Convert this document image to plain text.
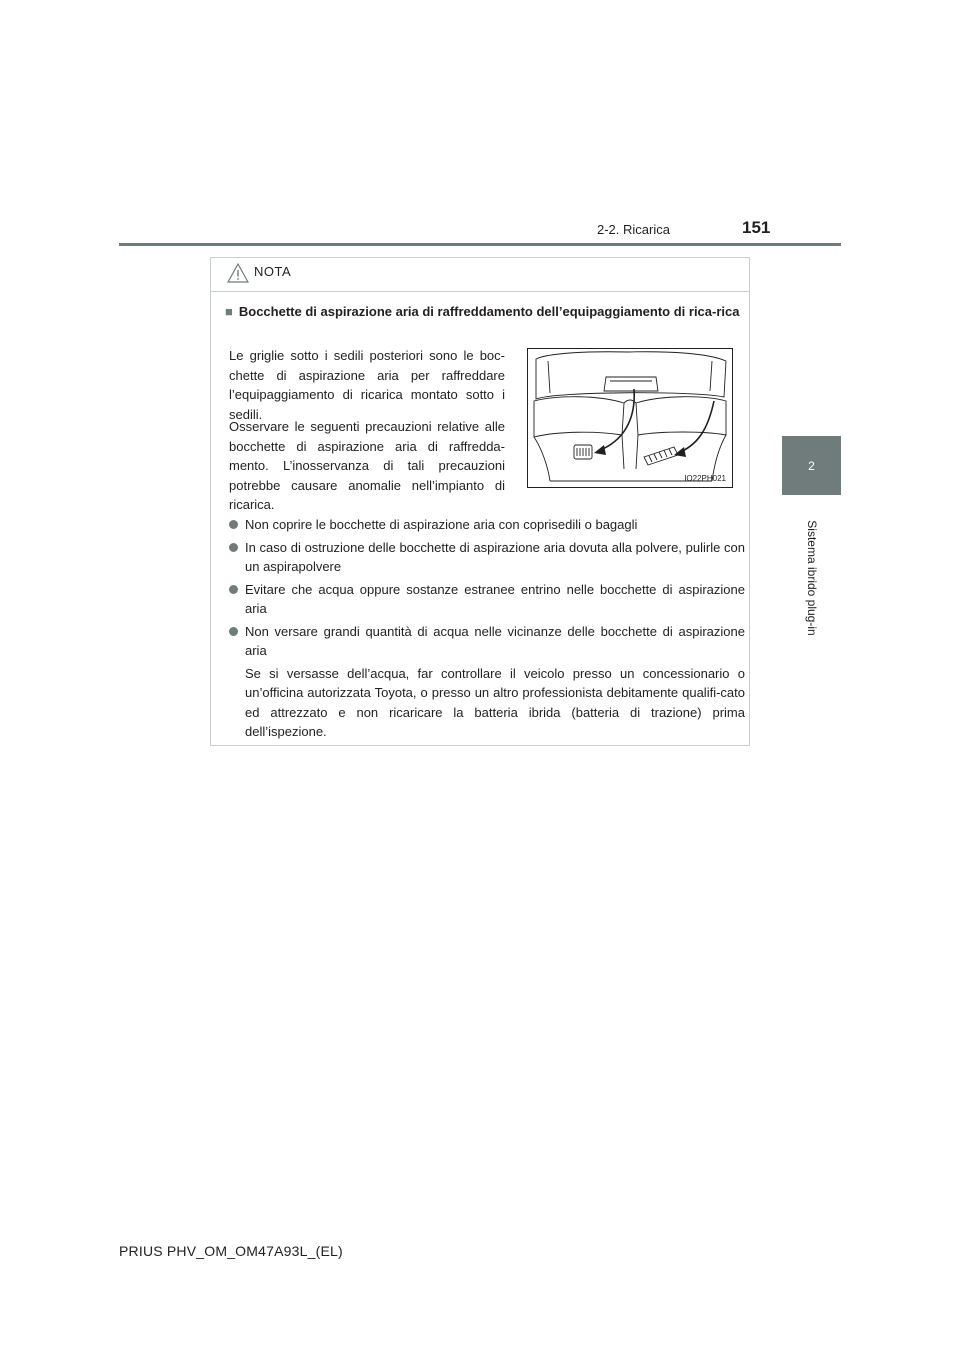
2-2. Ricarica	151
2
Sistema ibrido plug-in
NOTA
■ Bocchette di aspirazione aria di raffreddamento dell’equipaggiamento di rica-rica
Le griglie sotto i sedili posteriori sono le boc-chette di aspirazione aria per raffreddare l’equipaggiamento di ricarica montato sotto i sedili.
Osservare le seguenti precauzioni relative alle bocchette di aspirazione aria di raffredda-mento. L’inosservanza di tali precauzioni potrebbe causare anomalie nell’impianto di ricarica.
IO22PH021
Non coprire le bocchette di aspirazione aria con coprisedili o bagagli
In caso di ostruzione delle bocchette di aspirazione aria dovuta alla polvere, pulirle con un aspirapolvere
Evitare che acqua oppure sostanze estranee entrino nelle bocchette di aspirazione aria
Non versare grandi quantità di acqua nelle vicinanze delle bocchette di aspirazione aria
Se si versasse dell’acqua, far controllare il veicolo presso un concessionario o un’officina autorizzata Toyota, o presso un altro professionista debitamente qualifi-cato ed attrezzato e non ricaricare la batteria ibrida (batteria di trazione) prima dell’ispezione.
PRIUS PHV_OM_OM47A93L_(EL)
